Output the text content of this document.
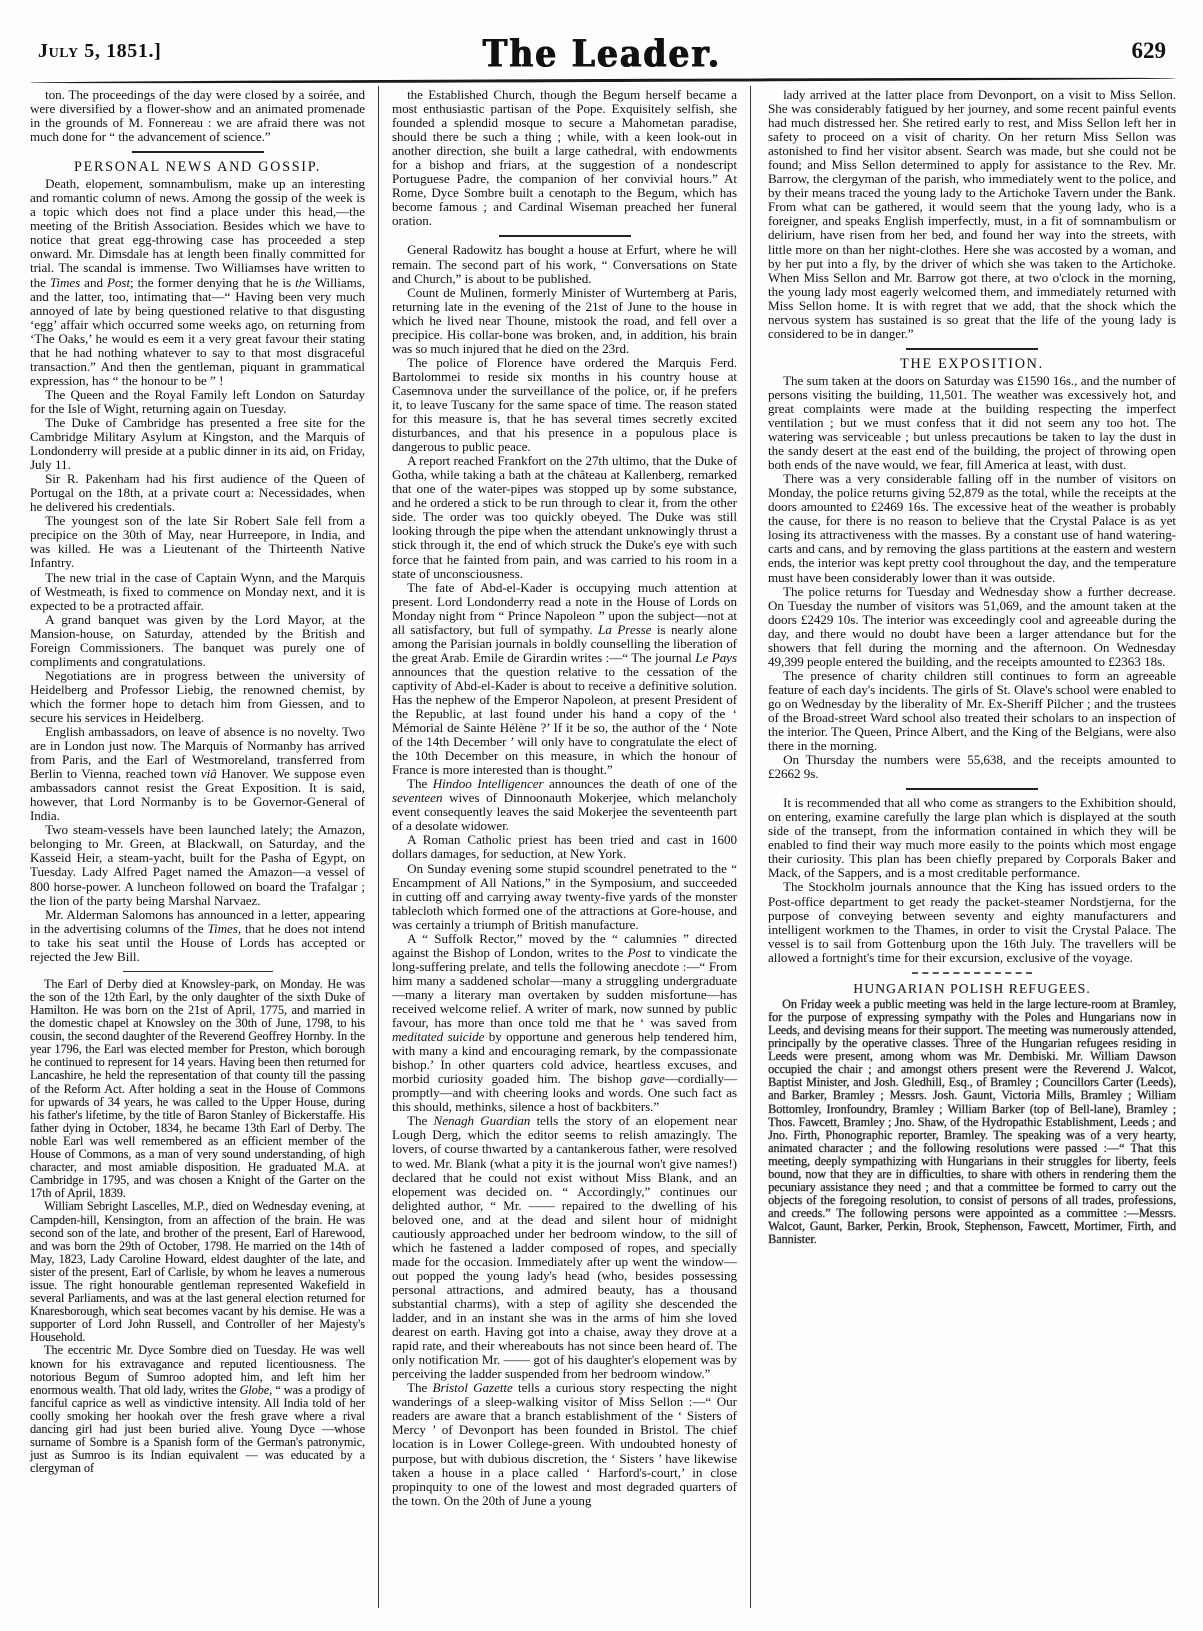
July 5, 1851.]	The Leader.	629

ton. The proceedings of the day were closed by a soirée, and were diversified by a flower-show and an animated promenade in the grounds of M. Fonnereau : we are afraid there was not much done for “ the advancement of science.”

PERSONAL NEWS AND GOSSIP.

Death, elopement, somnambulism, make up an interesting and romantic column of news. Among the gossip of the week is a topic which does not find a place under this head,—the meeting of the British Association. Besides which we have to notice that great egg-throwing case has proceeded a step onward. Mr. Dimsdale has at length been finally committed for trial. The scandal is immense. Two Williamses have written to the Times and Post; the former denying that he is the Williams, and the latter, too, intimating that—“ Having been very much annoyed of late by being questioned relative to that disgusting ‘egg’ affair which occurred some weeks ago, on returning from ‘The Oaks,’ he would es eem it a very great favour their stating that he had nothing whatever to say to that most disgraceful transaction.” And then the gentleman, piquant in grammatical expression, has “ the honour to be ” !

The Queen and the Royal Family left London on Saturday for the Isle of Wight, returning again on Tuesday.

The Duke of Cambridge has presented a free site for the Cambridge Military Asylum at Kingston, and the Marquis of Londonderry will preside at a public dinner in its aid, on Friday, July 11.

Sir R. Pakenham had his first audience of the Queen of Portugal on the 18th, at a private court a: Necessidades, when he delivered his credentials.

The youngest son of the late Sir Robert Sale fell from a precipice on the 30th of May, near Hurreepore, in India, and was killed. He was a Lieutenant of the Thirteenth Native Infantry.

The new trial in the case of Captain Wynn, and the Marquis of Westmeath, is fixed to commence on Monday next, and it is expected to be a protracted affair.

A grand banquet was given by the Lord Mayor, at the Mansion-house, on Saturday, attended by the British and Foreign Commissioners. The banquet was purely one of compliments and congratulations.

Negotiations are in progress between the university of Heidelberg and Professor Liebig, the renowned chemist, by which the former hope to detach him from Giessen, and to secure his services in Heidelberg.

English ambassadors, on leave of absence is no novelty. Two are in London just now. The Marquis of Normanby has arrived from Paris, and the Earl of Westmoreland, transferred from Berlin to Vienna, reached town viâ Hanover. We suppose even ambassadors cannot resist the Great Exposition. It is said, however, that Lord Normanby is to be Governor-General of India.

Two steam-vessels have been launched lately; the Amazon, belonging to Mr. Green, at Blackwall, on Saturday, and the Kasseid Heir, a steam-yacht, built for the Pasha of Egypt, on Tuesday. Lady Alfred Paget named the Amazon—a vessel of 800 horse-power. A luncheon followed on board the Trafalgar ; the lion of the party being Marshal Narvaez.

Mr. Alderman Salomons has announced in a letter, appearing in the advertising columns of the Times, that he does not intend to take his seat until the House of Lords has accepted or rejected the Jew Bill.

The Earl of Derby died at Knowsley-park, on Monday. He was the son of the 12th Earl, by the only daughter of the sixth Duke of Hamilton. He was born on the 21st of April, 1775, and married in the domestic chapel at Knowsley on the 30th of June, 1798, to his cousin, the second daughter of the Reverend Geoffrey Hornby. In the year 1796, the Earl was elected member for Preston, which borough he continued to represent for 14 years. Having been then returned for Lancashire, he held the representation of that county till the passing of the Reform Act. After holding a seat in the House of Commons for upwards of 34 years, he was called to the Upper House, during his father's lifetime, by the title of Baron Stanley of Bickerstaffe. His father dying in October, 1834, he became 13th Earl of Derby. The noble Earl was well remembered as an efficient member of the House of Commons, as a man of very sound understanding, of high character, and most amiable disposition. He graduated M.A. at Cambridge in 1795, and was chosen a Knight of the Garter on the 17th of April, 1839.

William Sebright Lascelles, M.P., died on Wednesday evening, at Campden-hill, Kensington, from an affection of the brain. He was second son of the late, and brother of the present, Earl of Harewood, and was born the 29th of October, 1798. He married on the 14th of May, 1823, Lady Caroline Howard, eldest daughter of the late, and sister of the present, Earl of Carlisle, by whom he leaves a numerous issue. The right honourable gentleman represented Wakefield in several Parliaments, and was at the last general election returned for Knaresborough, which seat becomes vacant by his demise. He was a supporter of Lord John Russell, and Controller of her Majesty's Household.

The eccentric Mr. Dyce Sombre died on Tuesday. He was well known for his extravagance and reputed licentiousness. The notorious Begum of Sumroo adopted him, and left him her enormous wealth. That old lady, writes the Globe, “ was a prodigy of fanciful caprice as well as vindictive intensity. All India told of her coolly smoking her hookah over the fresh grave where a rival dancing girl had just been buried alive. Young Dyce —whose surname of Sombre is a Spanish form of the German's patronymic, just as Sumroo is its Indian equivalent — was educated by a clergyman of

the Established Church, though the Begum herself became a most enthusiastic partisan of the Pope. Exquisitely selfish, she founded a splendid mosque to secure a Mahometan paradise, should there be such a thing ; while, with a keen look-out in another direction, she built a large cathedral, with endowments for a bishop and friars, at the suggestion of a nondescript Portuguese Padre, the companion of her convivial hours.” At Rome, Dyce Sombre built a cenotaph to the Begum, which has become famous ; and Cardinal Wiseman preached her funeral oration.

General Radowitz has bought a house at Erfurt, where he will remain. The second part of his work, “ Conversations on State and Church,” is about to be published.

Count de Mulinen, formerly Minister of Wurtemberg at Paris, returning late in the evening of the 21st of June to the house in which he lived near Thoune, mistook the road, and fell over a precipice. His collar-bone was broken, and, in addition, his brain was so much injured that he died on the 23rd.

The police of Florence have ordered the Marquis Ferd. Bartolommei to reside six months in his country house at Casemnova under the surveillance of the police, or, if he prefers it, to leave Tuscany for the same space of time. The reason stated for this measure is, that he has several times secretly excited disturbances, and that his presence in a populous place is dangerous to public peace.

A report reached Frankfort on the 27th ultimo, that the Duke of Gotha, while taking a bath at the château at Kallenberg, remarked that one of the water-pipes was stopped up by some substance, and he ordered a stick to be run through to clear it, from the other side. The order was too quickly obeyed. The Duke was still looking through the pipe when the attendant unknowingly thrust a stick through it, the end of which struck the Duke's eye with such force that he fainted from pain, and was carried to his room in a state of unconsciousness.

The fate of Abd-el-Kader is occupying much attention at present. Lord Londonderry read a note in the House of Lords on Monday night from “ Prince Napoleon ” upon the subject—not at all satisfactory, but full of sympathy. La Presse is nearly alone among the Parisian journals in boldly counselling the liberation of the great Arab. Emile de Girardin writes :—“ The journal Le Pays announces that the question relative to the cessation of the captivity of Abd-el-Kader is about to receive a definitive solution. Has the nephew of the Emperor Napoleon, at present President of the Republic, at last found under his hand a copy of the ‘ Mémorial de Sainte Hélène ?’ If it be so, the author of the ‘ Note of the 14th December ’ will only have to congratulate the elect of the 10th December on this measure, in which the honour of France is more interested than is thought.”

The Hindoo Intelligencer announces the death of one of the seventeen wives of Dinnoonauth Mokerjee, which melancholy event consequently leaves the said Mokerjee the seventeenth part of a desolate widower.

A Roman Catholic priest has been tried and cast in 1600 dollars damages, for seduction, at New York.

On Sunday evening some stupid scoundrel penetrated to the “ Encampment of All Nations,” in the Symposium, and succeeded in cutting off and carrying away twenty-five yards of the monster tablecloth which formed one of the attractions at Gore-house, and was certainly a triumph of British manufacture.

A “ Suffolk Rector,” moved by the “ calumnies ” directed against the Bishop of London, writes to the Post to vindicate the long-suffering prelate, and tells the following anecdote :—“ From him many a saddened scholar—many a struggling undergraduate—many a literary man overtaken by sudden misfortune—has received welcome relief. A writer of mark, now sunned by public favour, has more than once told me that he ‘ was saved from meditated suicide by opportune and generous help tendered him, with many a kind and encouraging remark, by the compassionate bishop.’ In other quarters cold advice, heartless excuses, and morbid curiosity goaded him. The bishop gave—cordially—promptly—and with cheering looks and words. One such fact as this should, methinks, silence a host of backbiters.”

The Nenagh Guardian tells the story of an elopement near Lough Derg, which the editor seems to relish amazingly. The lovers, of course thwarted by a cantankerous father, were resolved to wed. Mr. Blank (what a pity it is the journal won't give names!) declared that he could not exist without Miss Blank, and an elopement was decided on. “ Accordingly,” continues our delighted author, “ Mr. —— repaired to the dwelling of his beloved one, and at the dead and silent hour of midnight cautiously approached under her bedroom window, to the sill of which he fastened a ladder composed of ropes, and specially made for the occasion. Immediately after up went the window—out popped the young lady's head (who, besides possessing personal attractions, and admired beauty, has a thousand substantial charms), with a step of agility she descended the ladder, and in an instant she was in the arms of him she loved dearest on earth. Having got into a chaise, away they drove at a rapid rate, and their whereabouts has not since been heard of. The only notification Mr. —— got of his daughter's elopement was by perceiving the ladder suspended from her bedroom window.”

The Bristol Gazette tells a curious story respecting the night wanderings of a sleep-walking visitor of Miss Sellon :—“ Our readers are aware that a branch establishment of the ‘ Sisters of Mercy ’ of Devonport has been founded in Bristol. The chief location is in Lower College-green. With undoubted honesty of purpose, but with dubious discretion, the ‘ Sisters ’ have likewise taken a house in a place called ‘ Harford's-court,’ in close propinquity to one of the lowest and most degraded quarters of the town. On the 20th of June a young

lady arrived at the latter place from Devonport, on a visit to Miss Sellon. She was considerably fatigued by her journey, and some recent painful events had much distressed her. She retired early to rest, and Miss Sellon left her in safety to proceed on a visit of charity. On her return Miss Sellon was astonished to find her visitor absent. Search was made, but she could not be found; and Miss Sellon determined to apply for assistance to the Rev. Mr. Barrow, the clergyman of the parish, who immediately went to the police, and by their means traced the young lady to the Artichoke Tavern under the Bank. From what can be gathered, it would seem that the young lady, who is a foreigner, and speaks English imperfectly, must, in a fit of somnambulism or delirium, have risen from her bed, and found her way into the streets, with little more on than her night-clothes. Here she was accosted by a woman, and by her put into a fly, by the driver of which she was taken to the Artichoke. When Miss Sellon and Mr. Barrow got there, at two o'clock in the morning, the young lady most eagerly welcomed them, and immediately returned with Miss Sellon home. It is with regret that we add, that the shock which the nervous system has sustained is so great that the life of the young lady is considered to be in danger.”

THE EXPOSITION.

The sum taken at the doors on Saturday was £1590 16s., and the number of persons visiting the building, 11,501. The weather was excessively hot, and great complaints were made at the building respecting the imperfect ventilation ; but we must confess that it did not seem any too hot. The watering was serviceable ; but unless precautions be taken to lay the dust in the sandy desert at the east end of the building, the project of throwing open both ends of the nave would, we fear, fill America at least, with dust.

There was a very considerable falling off in the number of visitors on Monday, the police returns giving 52,879 as the total, while the receipts at the doors amounted to £2469 16s. The excessive heat of the weather is probably the cause, for there is no reason to believe that the Crystal Palace is as yet losing its attractiveness with the masses. By a constant use of hand watering-carts and cans, and by removing the glass partitions at the eastern and western ends, the interior was kept pretty cool throughout the day, and the temperature must have been considerably lower than it was outside.

The police returns for Tuesday and Wednesday show a further decrease. On Tuesday the number of visitors was 51,069, and the amount taken at the doors £2429 10s. The interior was exceedingly cool and agreeable during the day, and there would no doubt have been a larger attendance but for the showers that fell during the morning and the afternoon. On Wednesday 49,399 people entered the building, and the receipts amounted to £2363 18s.

The presence of charity children still continues to form an agreeable feature of each day's incidents. The girls of St. Olave's school were enabled to go on Wednesday by the liberality of Mr. Ex-Sheriff Pilcher ; and the trustees of the Broad-street Ward school also treated their scholars to an inspection of the interior. The Queen, Prince Albert, and the King of the Belgians, were also there in the morning.

On Thursday the numbers were 55,638, and the receipts amounted to £2662 9s.

It is recommended that all who come as strangers to the Exhibition should, on entering, examine carefully the large plan which is displayed at the south side of the transept, from the information contained in which they will be enabled to find their way much more easily to the points which most engage their curiosity. This plan has been chiefly prepared by Corporals Baker and Mack, of the Sappers, and is a most creditable performance.

The Stockholm journals announce that the King has issued orders to the Post-office department to get ready the packet-steamer Nordstjerna, for the purpose of conveying between seventy and eighty manufacturers and intelligent workmen to the Thames, in order to visit the Crystal Palace. The vessel is to sail from Gottenburg upon the 16th July. The travellers will be allowed a fortnight's time for their excursion, exclusive of the voyage.

HUNGARIAN POLISH REFUGEES.

On Friday week a public meeting was held in the large lecture-room at Bramley, for the purpose of expressing sympathy with the Poles and Hungarians now in Leeds, and devising means for their support. The meeting was numerously attended, principally by the operative classes. Three of the Hungarian refugees residing in Leeds were present, among whom was Mr. Dembiski. Mr. William Dawson occupied the chair ; and amongst others present were the Reverend J. Walcot, Baptist Minister, and Josh. Gledhill, Esq., of Bramley ; Councillors Carter (Leeds), and Barker, Bramley ; Messrs. Josh. Gaunt, Victoria Mills, Bramley ; William Bottomley, Ironfoundry, Bramley ; William Barker (top of Bell-lane), Bramley ; Thos. Fawcett, Bramley ; Jno. Shaw, of the Hydropathic Establishment, Leeds ; and Jno. Firth, Phonographic reporter, Bramley. The speaking was of a very hearty, animated character ; and the following resolutions were passed :—“ That this meeting, deeply sympathizing with Hungarians in their struggles for liberty, feels bound, now that they are in difficulties, to share with others in rendering them the pecuniary assistance they need ; and that a committee be formed to carry out the objects of the foregoing resolution, to consist of persons of all trades, professions, and creeds.” The following persons were appointed as a committee :—Messrs. Walcot, Gaunt, Barker, Perkin, Brook, Stephenson, Fawcett, Mortimer, Firth, and Bannister.
